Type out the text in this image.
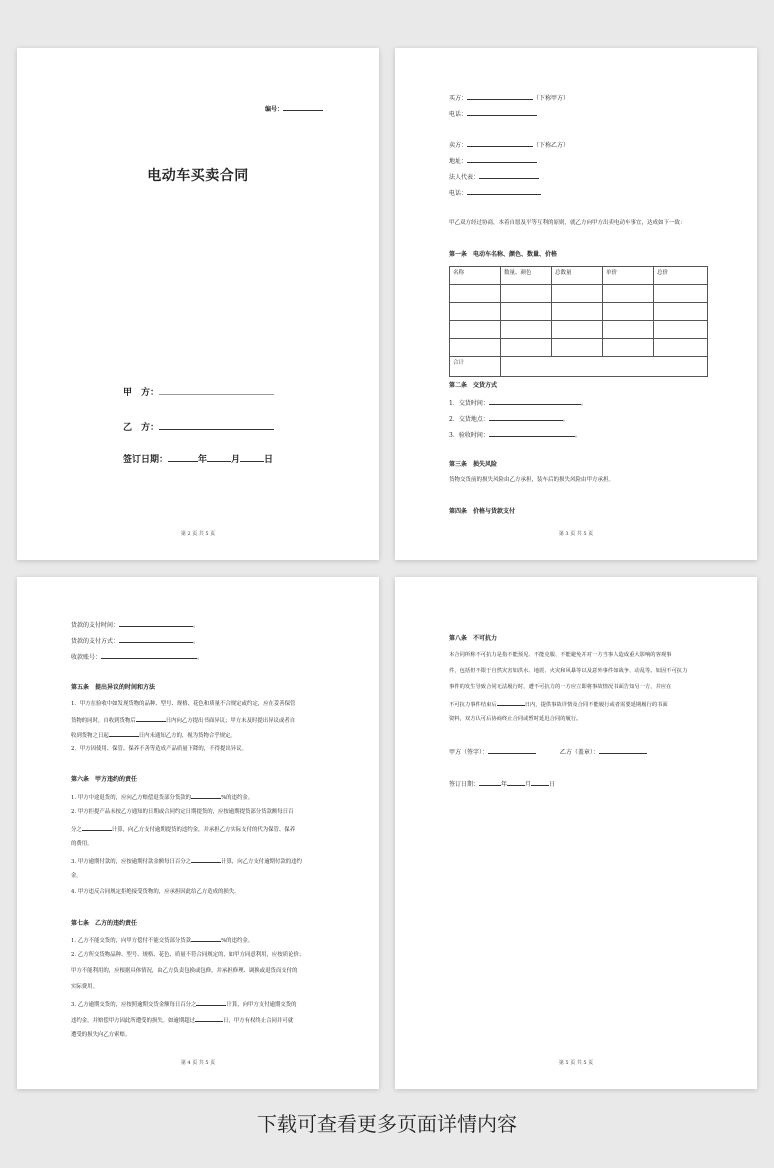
编号：
电动车买卖合同
甲　方：
乙　方：
签订日期：	年	月	日
第 2 页 共 5 页
买方：	（下称甲方）
电话：
卖方：	（下称乙方）
地址：
法人代表：
电话：
甲乙双方经过协商，本着自愿及平等互利的原则，就乙方向甲方出卖电动车事宜，达成如下一致：
第一条　电动车名称、颜色、数量、价格
名称	数量、颜色	总数量	单价	总价

合计				
第二条　交货方式
1．交货时间：	。
2．交货地点：	。
3．验收时间：	。
第三条　损失风险
货物交货前的损失风险由乙方承担，装车后的损失风险由甲方承担。
第四条　价格与货款支付
第 3 页 共 5 页
货款的支付时间：	。
货款的支付方式：	。
收款账号：	。
第五条　提出异议的时间和方法
1．甲方在验收中如发现货物的品种、型号、规格、花色和质量不合规定或约定，应在妥善保管
货物的同时，自收到货物后	日内向乙方提出书面异议；甲方未及时提出异议或者自
收到货物之日起	日内未通知乙方的，视为货物合乎规定。
2．甲方因使用、保管、保养不善等造成产品质量下降的，不得提出异议。
第六条　甲方违约的责任
1. 甲方中途退货的，应向乙方赔偿退货部分货款的	%的违约金。
2. 甲方拒提产品未按乙方通知的日期或合同约定日期提货的，应按逾期提货部分货款额每日百
分之	计算，向乙方支付逾期提货的违约金，并承担乙方实际支付的代为保管、保养
的费用。
3. 甲方逾期付款的，应按逾期付款金额每日百分之	计算，向乙方支付逾期付款的违约
金。
4. 甲方违反合同规定拒绝接受货物的，应承担因此给乙方造成的损失。
第七条　乙方的违约责任
1. 乙方不能交货的，向甲方偿付不能交货部分货款	%的违约金。
2. 乙方所交货物品种、型号、规格、花色、质量不符合同规定的，如甲方同意利用，应按质论价；
甲方不能利用的，应根据具体情况，由乙方负责包换或包修，并承担修理、调换或退货而支付的
实际费用。
3. 乙方逾期交货的，应按照逾期交货金额每日百分之	计算，向甲方支付逾期交货的
违约金，并赔偿甲方因此所遭受的损失。如逾期超过	日，甲方有权终止合同并可就
遭受的损失向乙方索赔。
第 4 页 共 5 页
第八条　不可抗力
本合同所称不可抗力是指不能预见、不能克服、不能避免并对一方当事人造成重大影响的客观事
件，包括但不限于自然灾害如洪水、地震、火灾和风暴等以及意外事件如战争、动乱等。如因不可抗力
事件的发生导致合同无法履行时，遭不可抗力的一方应立即将事故情况书面告知另一方，并应在
不可抗力事件结束后	日内，提供事故详情及合同不能履行或者需要延期履行的书面
资料，双方认可后协商终止合同或暂时延迟合同的履行。
甲方（签字）：	乙方（盖章）：
签订日期：	年	月	日
第 5 页 共 5 页
下载可查看更多页面详情内容
